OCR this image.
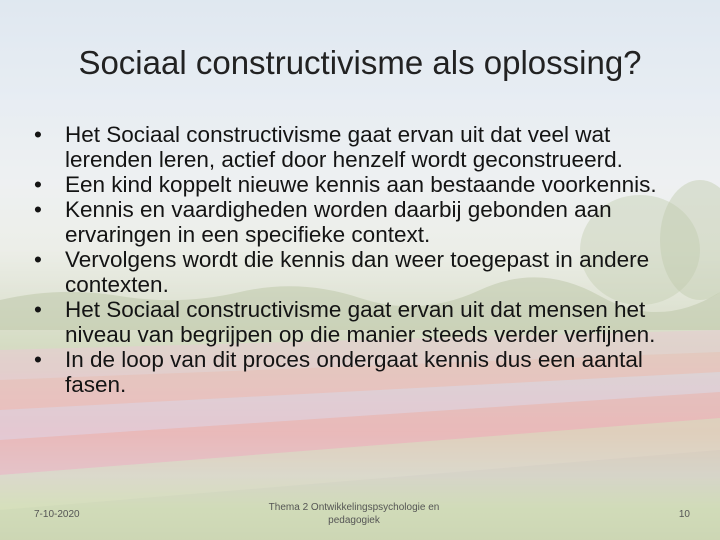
Sociaal constructivisme als oplossing?
• Het Sociaal constructivisme gaat ervan uit dat veel wat lerenden leren, actief door henzelf wordt geconstrueerd.
• Een kind koppelt nieuwe kennis aan bestaande voorkennis.
• Kennis en vaardigheden worden daarbij gebonden aan ervaringen in een specifieke context.
• Vervolgens wordt die kennis dan weer toegepast in andere contexten.
• Het Sociaal constructivisme gaat ervan uit dat mensen het niveau van begrijpen op die manier steeds verder verfijnen.
• In de loop van dit proces ondergaat kennis dus een aantal fasen.
7-10-2020
Thema 2 Ontwikkelingspsychologie en pedagogiek
10
